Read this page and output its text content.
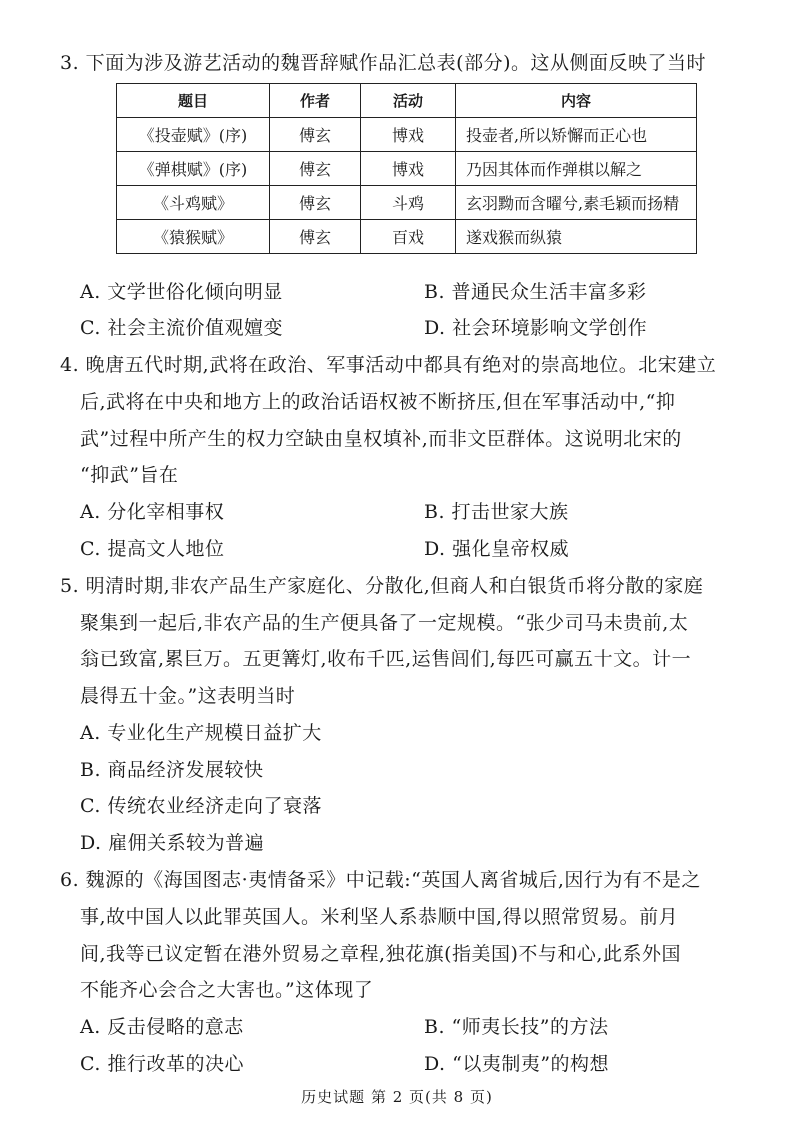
3. 下面为涉及游艺活动的魏晋辞赋作品汇总表(部分)。这从侧面反映了当时
题目	作者	活动	内容
《投壶赋》(序)	傅玄	博戏	投壶者,所以矫懈而正心也
《弹棋赋》(序)	傅玄	博戏	乃因其体而作弹棋以解之
《斗鸡赋》	傅玄	斗鸡	玄羽黝而含曜兮,素毛颖而扬精
《猿猴赋》	傅玄	百戏	遂戏猴而纵猿
A. 文学世俗化倾向明显	B. 普通民众生活丰富多彩
C. 社会主流价值观嬗变	D. 社会环境影响文学创作
4. 晚唐五代时期,武将在政治、军事活动中都具有绝对的崇高地位。北宋建立
后,武将在中央和地方上的政治话语权被不断挤压,但在军事活动中,“抑
武”过程中所产生的权力空缺由皇权填补,而非文臣群体。这说明北宋的
“抑武”旨在
A. 分化宰相事权	B. 打击世家大族
C. 提高文人地位	D. 强化皇帝权威
5. 明清时期,非农产品生产家庭化、分散化,但商人和白银货币将分散的家庭
聚集到一起后,非农产品的生产便具备了一定规模。“张少司马未贵前,太
翁已致富,累巨万。五更篝灯,收布千匹,运售闾们,每匹可赢五十文。计一
晨得五十金。”这表明当时
A. 专业化生产规模日益扩大
B. 商品经济发展较快
C. 传统农业经济走向了衰落
D. 雇佣关系较为普遍
6. 魏源的《海国图志·夷情备采》中记载:“英国人离省城后,因行为有不是之
事,故中国人以此罪英国人。米利坚人系恭顺中国,得以照常贸易。前月
间,我等已议定暂在港外贸易之章程,独花旗(指美国)不与和心,此系外国
不能齐心会合之大害也。”这体现了
A. 反击侵略的意志	B. “师夷长技”的方法
C. 推行改革的决心	D. “以夷制夷”的构想
历史试题 第 2 页(共 8 页)
